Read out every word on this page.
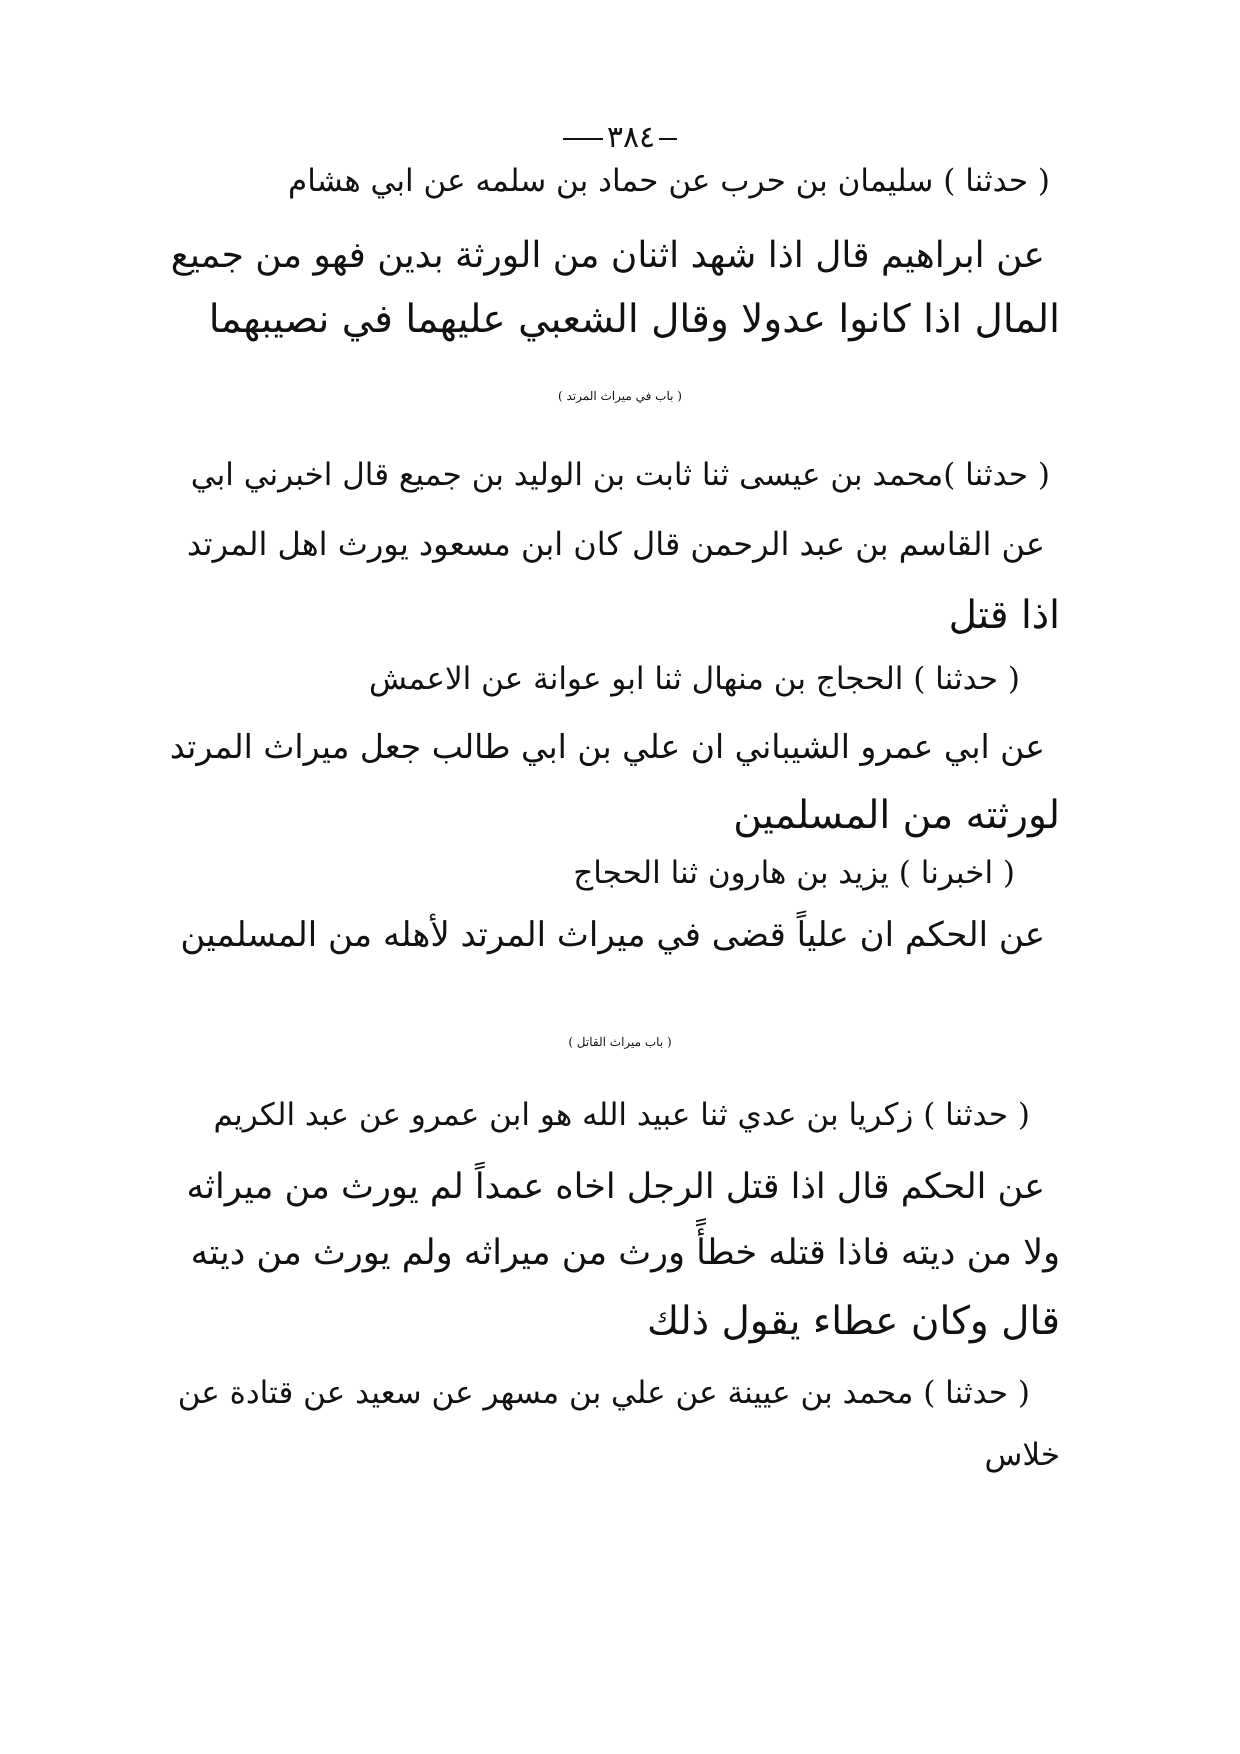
٣٨٤
( حدثنا ) سليمان بن حرب عن حماد بن سلمه عن ابي هشام
عن ابراهيم قال اذا شهد اثنان من الورثة بدين فهو من جميع
المال اذا كانوا عدولا وقال الشعبي عليهما في نصيبهما
( باب في ميراث المرتد )
( حدثنا )محمد بن عيسى ثنا ثابت بن الوليد بن جميع قال اخبرني ابي
عن القاسم بن عبد الرحمن قال كان ابن مسعود يورث اهل المرتد
اذا قتل
( حدثنا ) الحجاج بن منهال ثنا ابو عوانة عن الاعمش
عن ابي عمرو الشيباني ان علي بن ابي طالب جعل ميراث المرتد
لورثته من المسلمين
( اخبرنا ) يزيد بن هارون ثنا الحجاج
عن الحكم ان علياً قضى في ميراث المرتد لأهله من المسلمين
( باب ميراث القاتل )
( حدثنا ) زكريا بن عدي ثنا عبيد الله هو ابن عمرو عن عبد الكريم
عن الحكم قال اذا قتل الرجل اخاه عمداً لم يورث من ميراثه
ولا من ديته فاذا قتله خطأً ورث من ميراثه ولم يورث من ديته
قال وكان عطاء يقول ذلك
( حدثنا ) محمد بن عيينة عن علي بن مسهر عن سعيد عن قتادة عن
خلاس
